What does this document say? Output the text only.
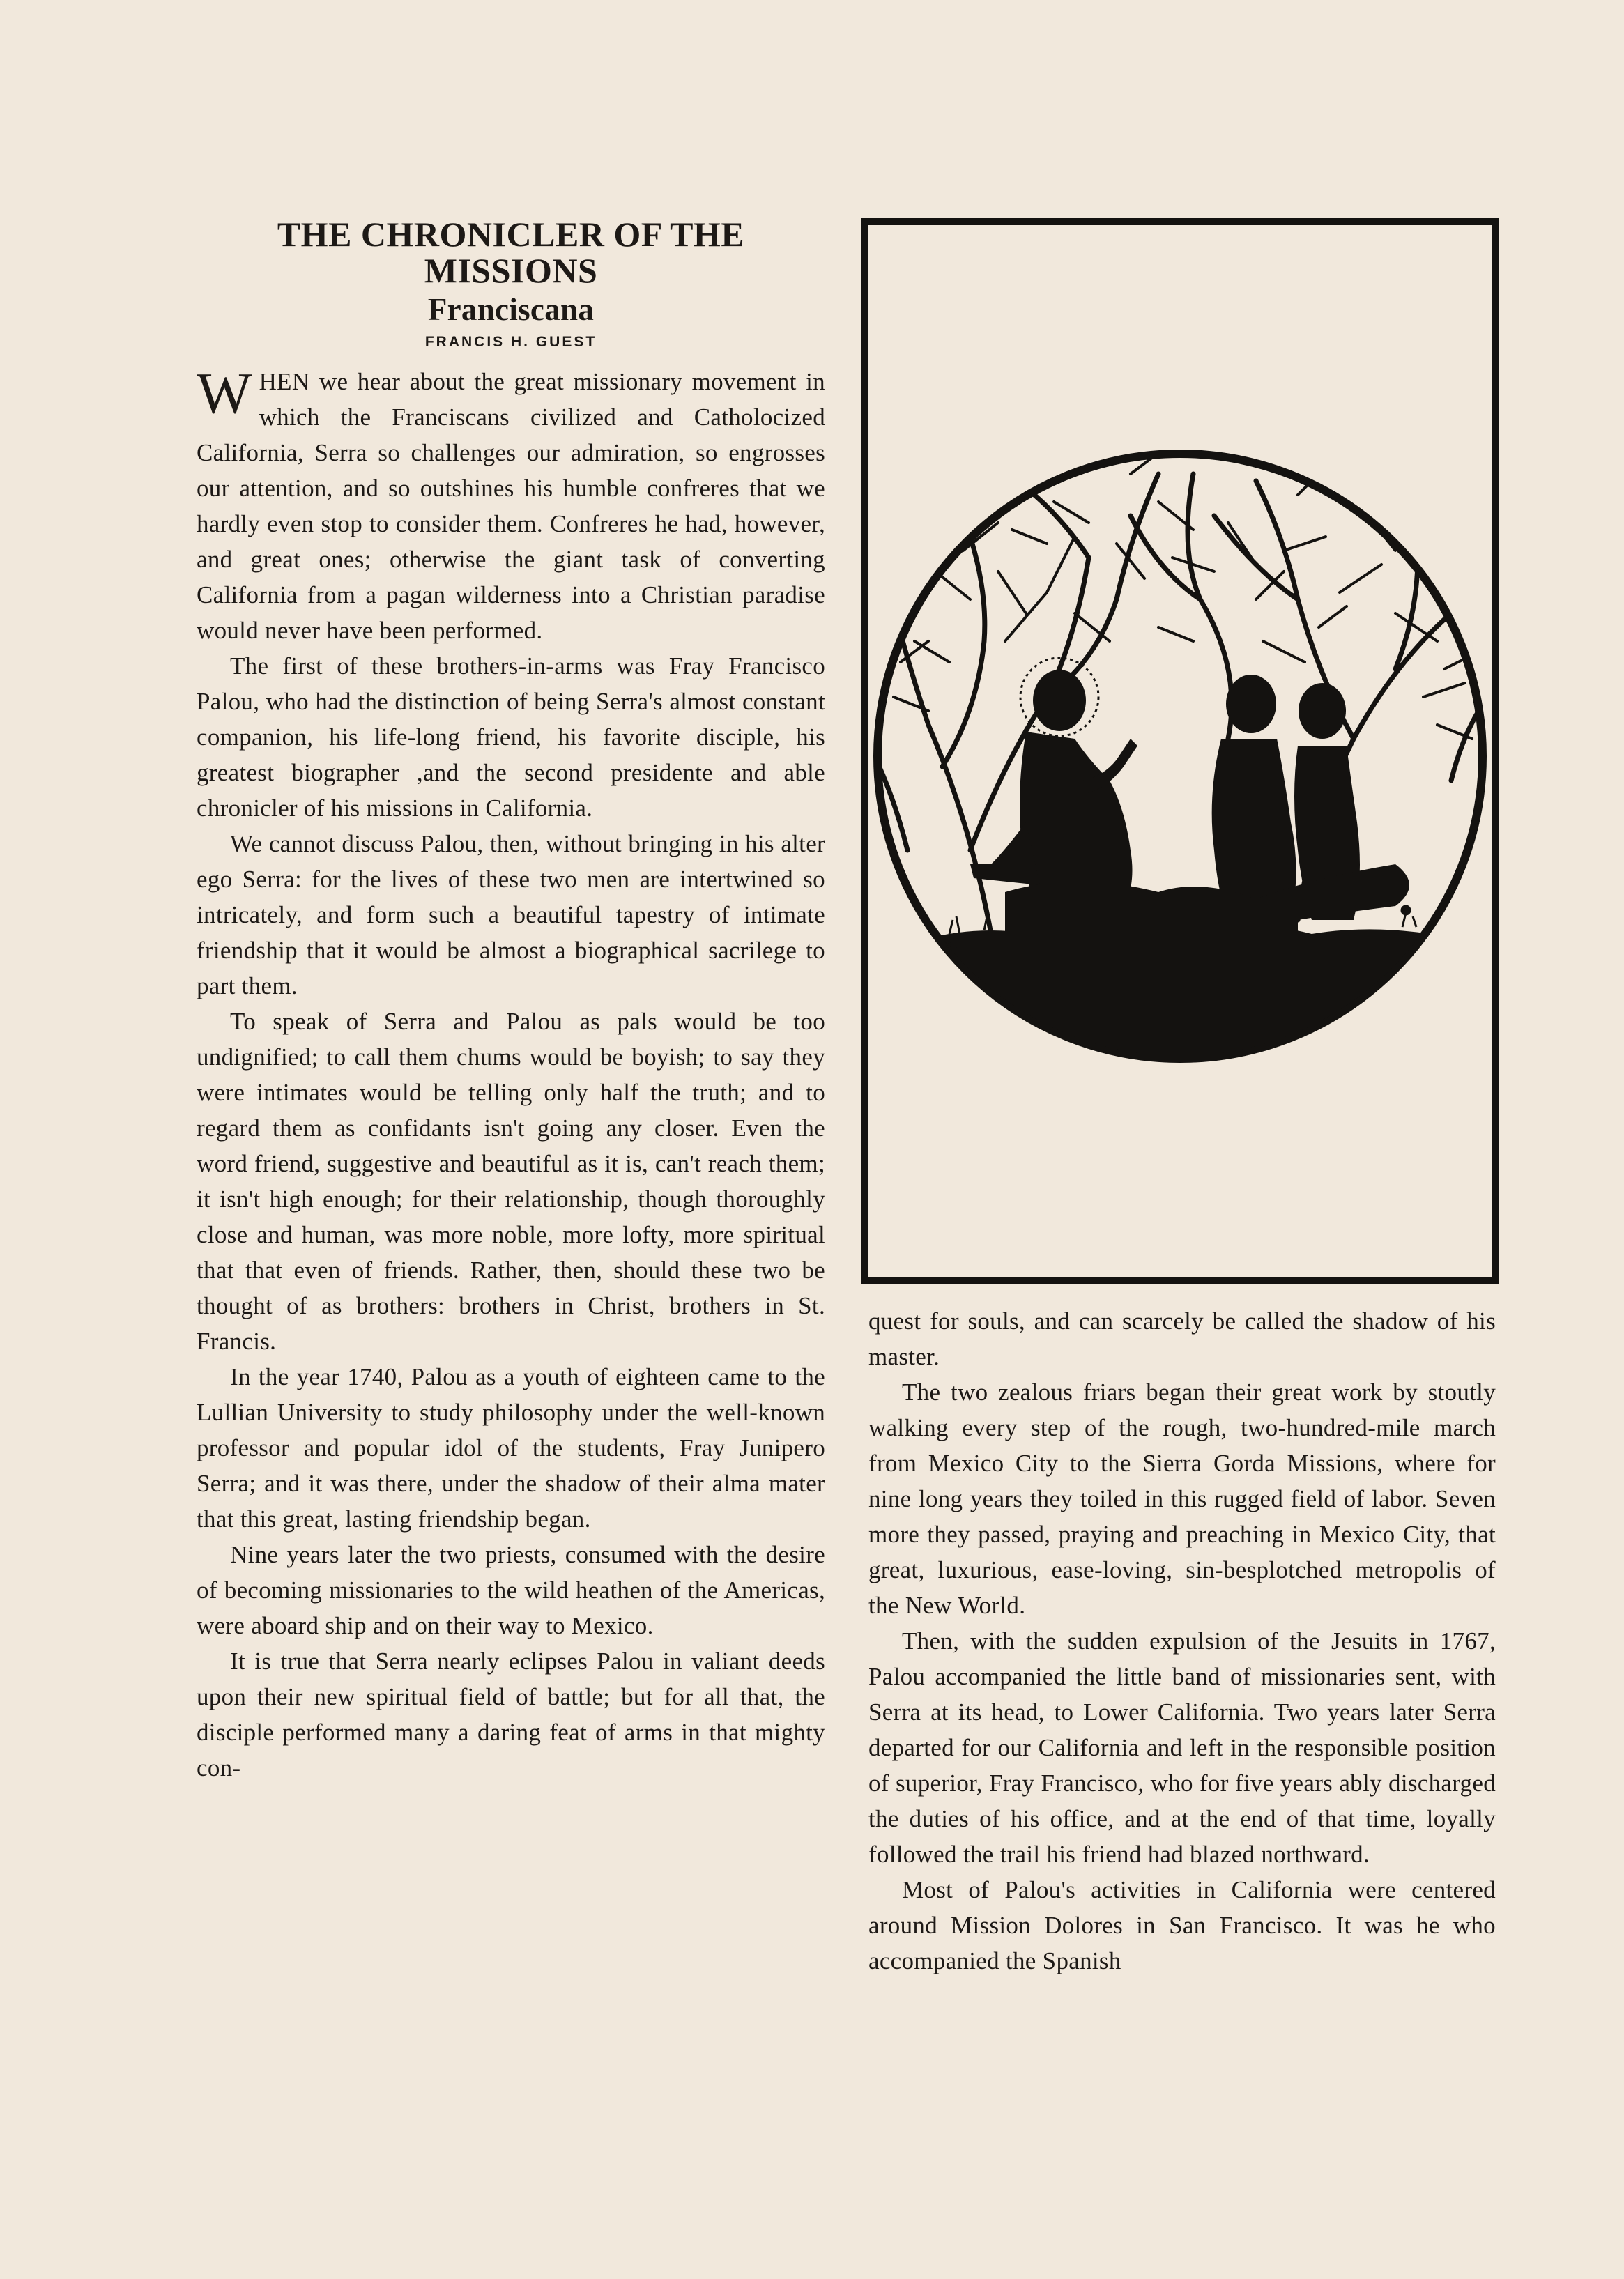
THE CHRONICLER OF THE
MISSIONS
Franciscana
FRANCIS H. GUEST

WHEN we hear about the great missionary movement in which the Franciscans civilized and Catholocized California, Serra so challenges our admiration, so engrosses our attention, and so outshines his humble confreres that we hardly even stop to consider them. Confreres he had, however, and great ones; otherwise the giant task of converting California from a pagan wilderness into a Christian paradise would never have been performed.

The first of these brothers-in-arms was Fray Francisco Palou, who had the distinction of being Serra's almost constant companion, his life-long friend, his favorite disciple, his greatest biographer ,and the second presidente and able chronicler of his missions in California.

We cannot discuss Palou, then, without bringing in his alter ego Serra: for the lives of these two men are intertwined so intricately, and form such a beautiful tapestry of intimate friendship that it would be almost a biographical sacrilege to part them.

To speak of Serra and Palou as pals would be too undignified; to call them chums would be boyish; to say they were intimates would be telling only half the truth; and to regard them as confidants isn't going any closer. Even the word friend, suggestive and beautiful as it is, can't reach them; it isn't high enough; for their relationship, though thoroughly close and human, was more noble, more lofty, more spiritual that that even of friends. Rather, then, should these two be thought of as brothers: brothers in Christ, brothers in St. Francis.

In the year 1740, Palou as a youth of eighteen came to the Lullian University to study philosophy under the well-known professor and popular idol of the students, Fray Junipero Serra; and it was there, under the shadow of their alma mater that this great, lasting friendship began.

Nine years later the two priests, consumed with the desire of becoming missionaries to the wild heathen of the Americas, were aboard ship and on their way to Mexico.

It is true that Serra nearly eclipses Palou in valiant deeds upon their new spiritual field of battle; but for all that, the disciple performed many a daring feat of arms in that mighty con-

SH

quest for souls, and can scarcely be called the shadow of his master.

The two zealous friars began their great work by stoutly walking every step of the rough, two-hundred-mile march from Mexico City to the Sierra Gorda Missions, where for nine long years they toiled in this rugged field of labor. Seven more they passed, praying and preaching in Mexico City, that great, luxurious, ease-loving, sin-besplotched metropolis of the New World.

Then, with the sudden expulsion of the Jesuits in 1767, Palou accompanied the little band of missionaries sent, with Serra at its head, to Lower California. Two years later Serra departed for our California and left in the responsible position of superior, Fray Francisco, who for five years ably discharged the duties of his office, and at the end of that time, loyally followed the trail his friend had blazed northward.

Most of Palou's activities in California were centered around Mission Dolores in San Francisco. It was he who accompanied the Spanish
